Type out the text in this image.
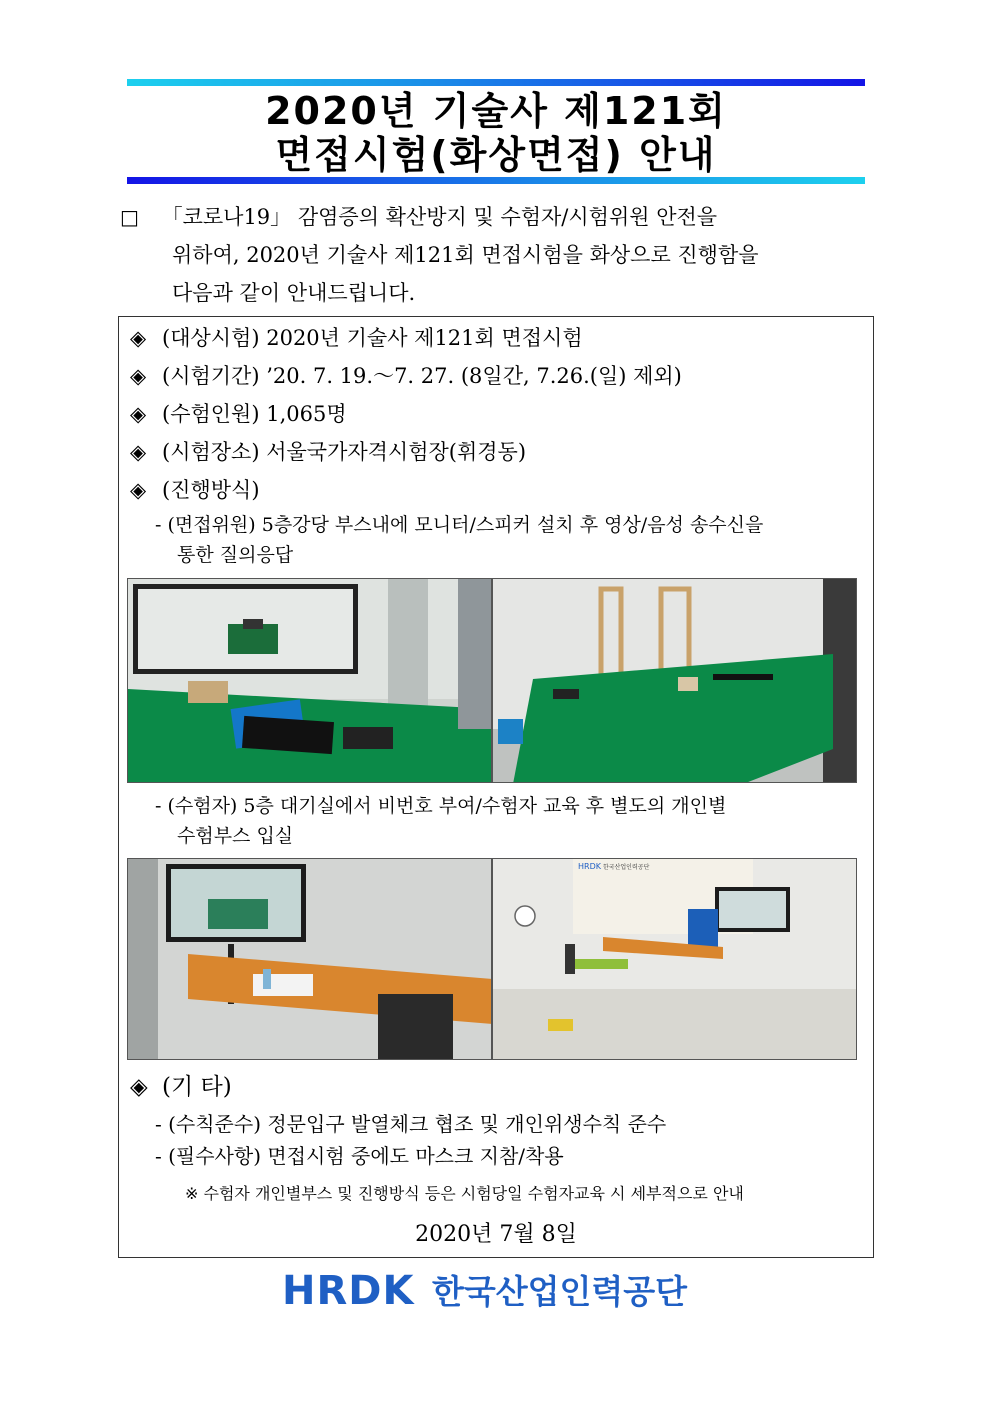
2020년 기술사 제121회
면접시험(화상면접) 안내
□ 「코로나19」 감염증의 확산방지 및 수험자/시험위원 안전을
위하여, 2020년 기술사 제121회 면접시험을 화상으로 진행함을
다음과 같이 안내드립니다.
◈ (대상시험) 2020년 기술사 제121회 면접시험
◈ (시험기간) ’20. 7. 19.～7. 27. (8일간, 7.26.(일) 제외)
◈ (수험인원) 1,065명
◈ (시험장소) 서울국가자격시험장(휘경동)
◈ (진행방식)
- (면접위원) 5층강당 부스내에 모니터/스피커 설치 후 영상/음성 송수신을
통한 질의응답
- (수험자) 5층 대기실에서 비번호 부여/수험자 교육 후 별도의 개인별
수험부스 입실
HRDK 한국산업인력공단
◈ (기 타)
- (수칙준수) 정문입구 발열체크 협조 및 개인위생수칙 준수
- (필수사항) 면접시험 중에도 마스크 지참/착용
※ 수험자 개인별부스 및 진행방식 등은 시험당일 수험자교육 시 세부적으로 안내
2020년 7월 8일
HRDK 한국산업인력공단
